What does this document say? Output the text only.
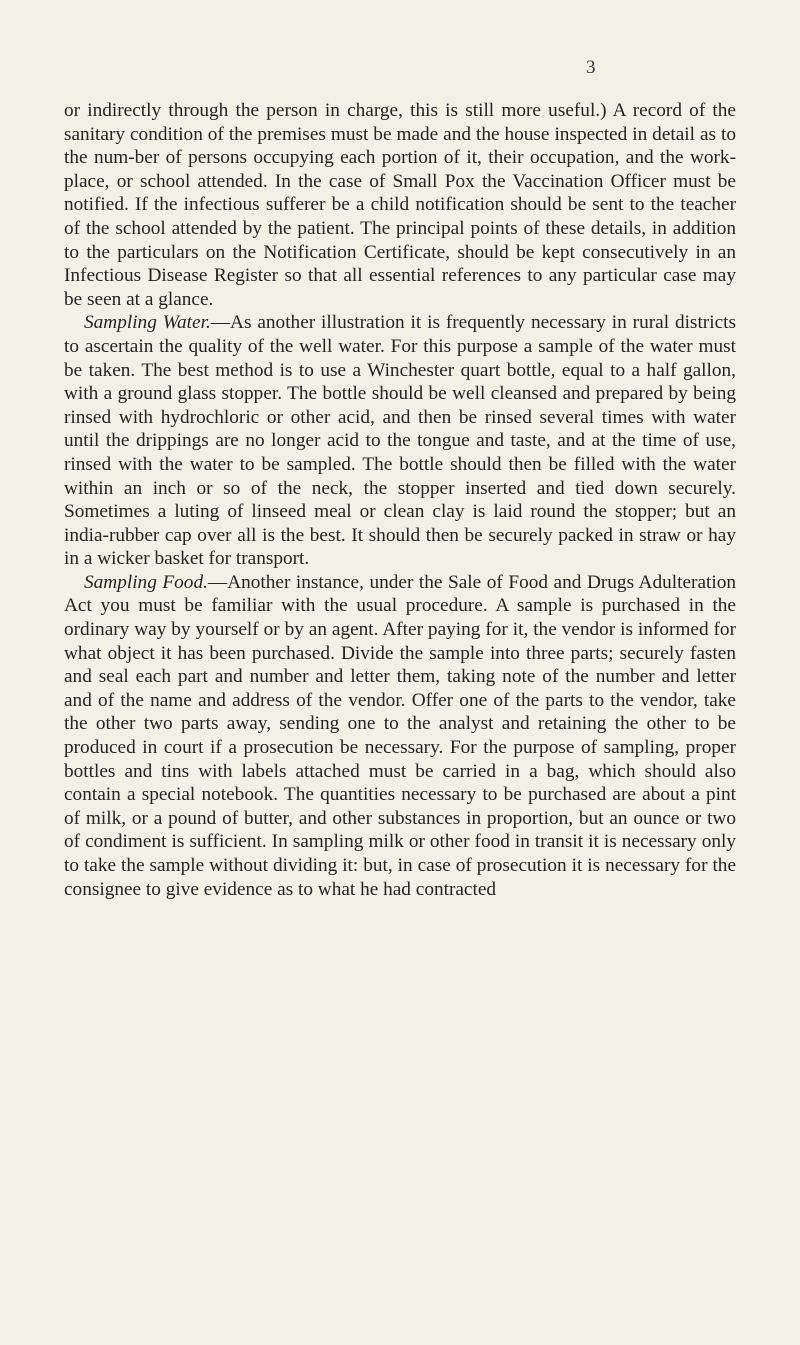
3

or indirectly through the person in charge, this is still more useful.) A record of the sanitary condition of the premises must be made and the house inspected in detail as to the num-ber of persons occupying each portion of it, their occupation, and the work-place, or school attended. In the case of Small Pox the Vaccination Officer must be notified. If the infectious sufferer be a child notification should be sent to the teacher of the school attended by the patient. The principal points of these details, in addition to the particulars on the Notification Certificate, should be kept consecutively in an Infectious Disease Register so that all essential references to any particular case may be seen at a glance.

Sampling Water.—As another illustration it is frequently necessary in rural districts to ascertain the quality of the well water. For this purpose a sample of the water must be taken. The best method is to use a Winchester quart bottle, equal to a half gallon, with a ground glass stopper. The bottle should be well cleansed and prepared by being rinsed with hydrochloric or other acid, and then be rinsed several times with water until the drippings are no longer acid to the tongue and taste, and at the time of use, rinsed with the water to be sampled. The bottle should then be filled with the water within an inch or so of the neck, the stopper inserted and tied down securely. Sometimes a luting of linseed meal or clean clay is laid round the stopper; but an india-rubber cap over all is the best. It should then be securely packed in straw or hay in a wicker basket for transport.

Sampling Food.—Another instance, under the Sale of Food and Drugs Adulteration Act you must be familiar with the usual procedure. A sample is purchased in the ordinary way by yourself or by an agent. After paying for it, the vendor is informed for what object it has been purchased. Divide the sample into three parts; securely fasten and seal each part and number and letter them, taking note of the number and letter and of the name and address of the vendor. Offer one of the parts to the vendor, take the other two parts away, sending one to the analyst and retaining the other to be produced in court if a prosecution be necessary. For the purpose of sampling, proper bottles and tins with labels attached must be carried in a bag, which should also contain a special notebook. The quantities necessary to be purchased are about a pint of milk, or a pound of butter, and other substances in proportion, but an ounce or two of condiment is sufficient. In sampling milk or other food in transit it is necessary only to take the sample without dividing it: but, in case of prosecution it is necessary for the consignee to give evidence as to what he had contracted
